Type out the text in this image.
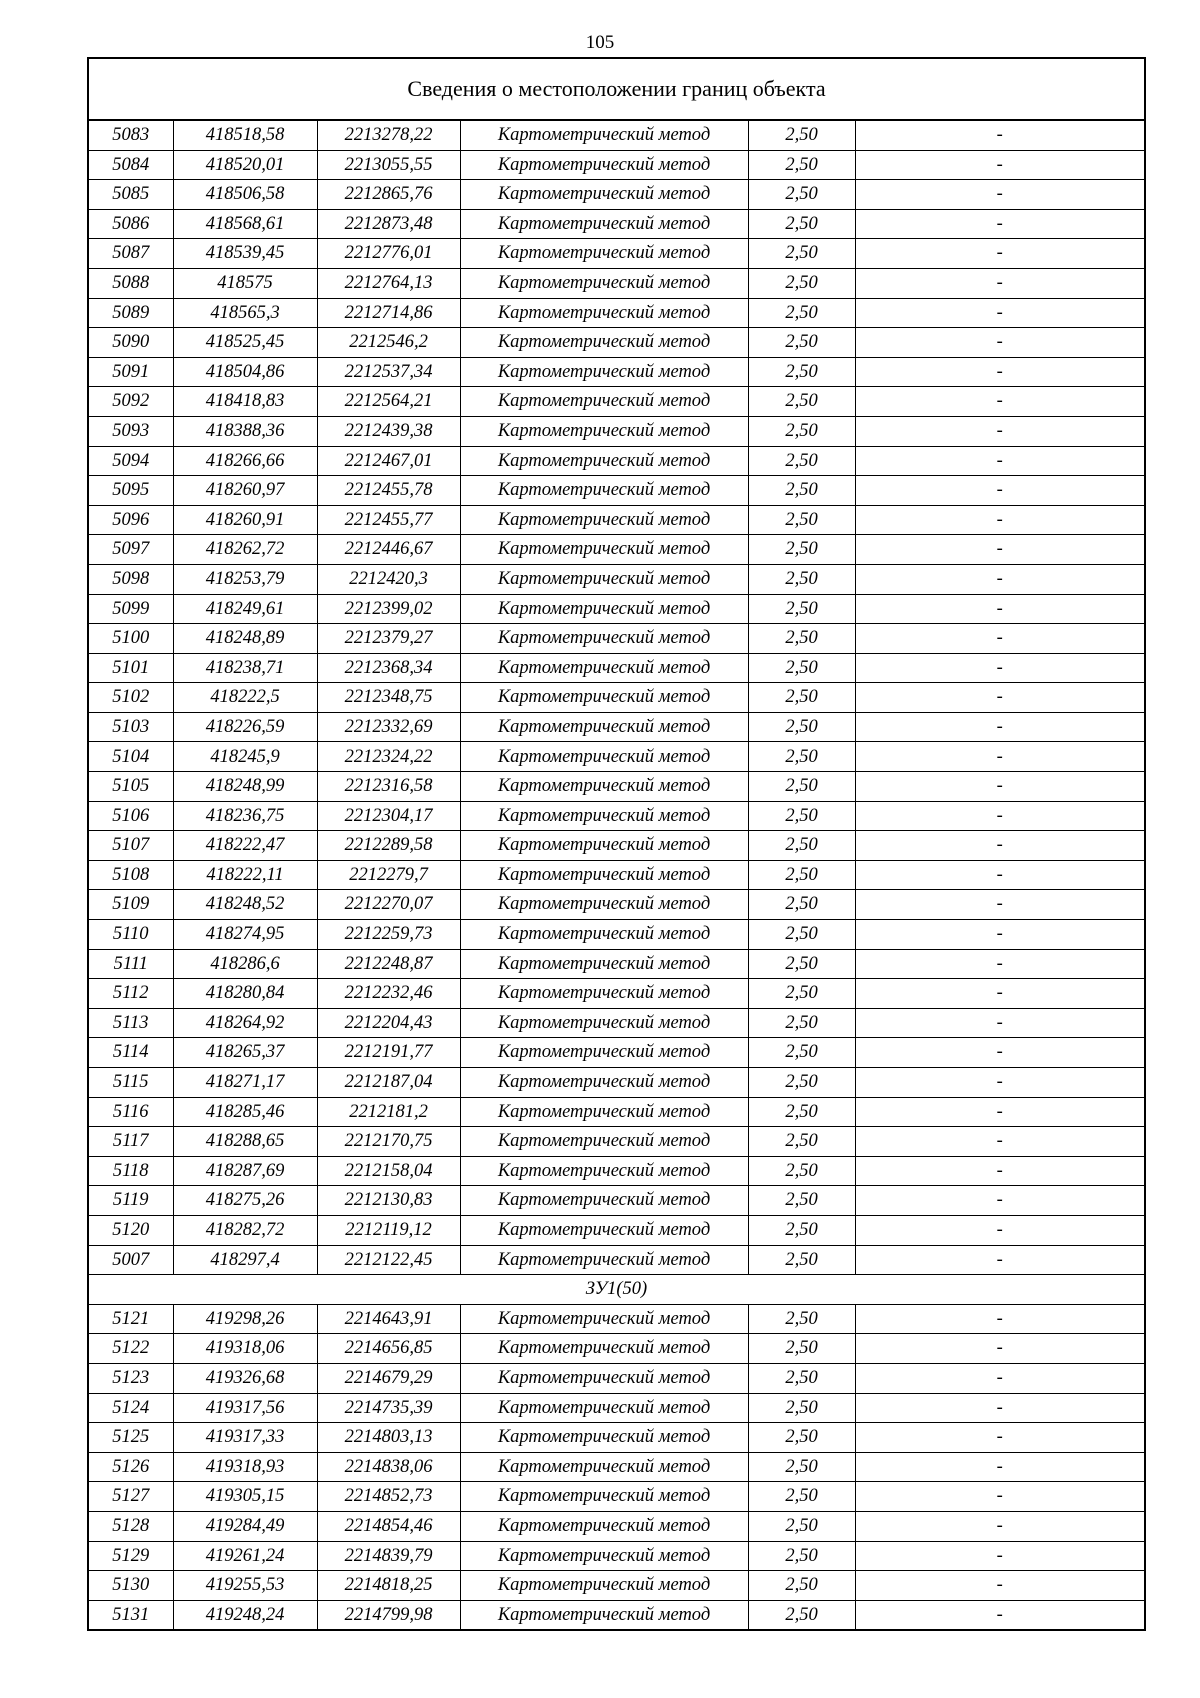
105
Сведения о местоположении границ объекта
5083	418518,58	2213278,22	Картометрический метод	2,50	-
5084	418520,01	2213055,55	Картометрический метод	2,50	-
5085	418506,58	2212865,76	Картометрический метод	2,50	-
5086	418568,61	2212873,48	Картометрический метод	2,50	-
5087	418539,45	2212776,01	Картометрический метод	2,50	-
5088	418575	2212764,13	Картометрический метод	2,50	-
5089	418565,3	2212714,86	Картометрический метод	2,50	-
5090	418525,45	2212546,2	Картометрический метод	2,50	-
5091	418504,86	2212537,34	Картометрический метод	2,50	-
5092	418418,83	2212564,21	Картометрический метод	2,50	-
5093	418388,36	2212439,38	Картометрический метод	2,50	-
5094	418266,66	2212467,01	Картометрический метод	2,50	-
5095	418260,97	2212455,78	Картометрический метод	2,50	-
5096	418260,91	2212455,77	Картометрический метод	2,50	-
5097	418262,72	2212446,67	Картометрический метод	2,50	-
5098	418253,79	2212420,3	Картометрический метод	2,50	-
5099	418249,61	2212399,02	Картометрический метод	2,50	-
5100	418248,89	2212379,27	Картометрический метод	2,50	-
5101	418238,71	2212368,34	Картометрический метод	2,50	-
5102	418222,5	2212348,75	Картометрический метод	2,50	-
5103	418226,59	2212332,69	Картометрический метод	2,50	-
5104	418245,9	2212324,22	Картометрический метод	2,50	-
5105	418248,99	2212316,58	Картометрический метод	2,50	-
5106	418236,75	2212304,17	Картометрический метод	2,50	-
5107	418222,47	2212289,58	Картометрический метод	2,50	-
5108	418222,11	2212279,7	Картометрический метод	2,50	-
5109	418248,52	2212270,07	Картометрический метод	2,50	-
5110	418274,95	2212259,73	Картометрический метод	2,50	-
5111	418286,6	2212248,87	Картометрический метод	2,50	-
5112	418280,84	2212232,46	Картометрический метод	2,50	-
5113	418264,92	2212204,43	Картометрический метод	2,50	-
5114	418265,37	2212191,77	Картометрический метод	2,50	-
5115	418271,17	2212187,04	Картометрический метод	2,50	-
5116	418285,46	2212181,2	Картометрический метод	2,50	-
5117	418288,65	2212170,75	Картометрический метод	2,50	-
5118	418287,69	2212158,04	Картометрический метод	2,50	-
5119	418275,26	2212130,83	Картометрический метод	2,50	-
5120	418282,72	2212119,12	Картометрический метод	2,50	-
5007	418297,4	2212122,45	Картометрический метод	2,50	-
ЗУ1(50)					
5121	419298,26	2214643,91	Картометрический метод	2,50	-
5122	419318,06	2214656,85	Картометрический метод	2,50	-
5123	419326,68	2214679,29	Картометрический метод	2,50	-
5124	419317,56	2214735,39	Картометрический метод	2,50	-
5125	419317,33	2214803,13	Картометрический метод	2,50	-
5126	419318,93	2214838,06	Картометрический метод	2,50	-
5127	419305,15	2214852,73	Картометрический метод	2,50	-
5128	419284,49	2214854,46	Картометрический метод	2,50	-
5129	419261,24	2214839,79	Картометрический метод	2,50	-
5130	419255,53	2214818,25	Картометрический метод	2,50	-
5131	419248,24	2214799,98	Картометрический метод	2,50	-
